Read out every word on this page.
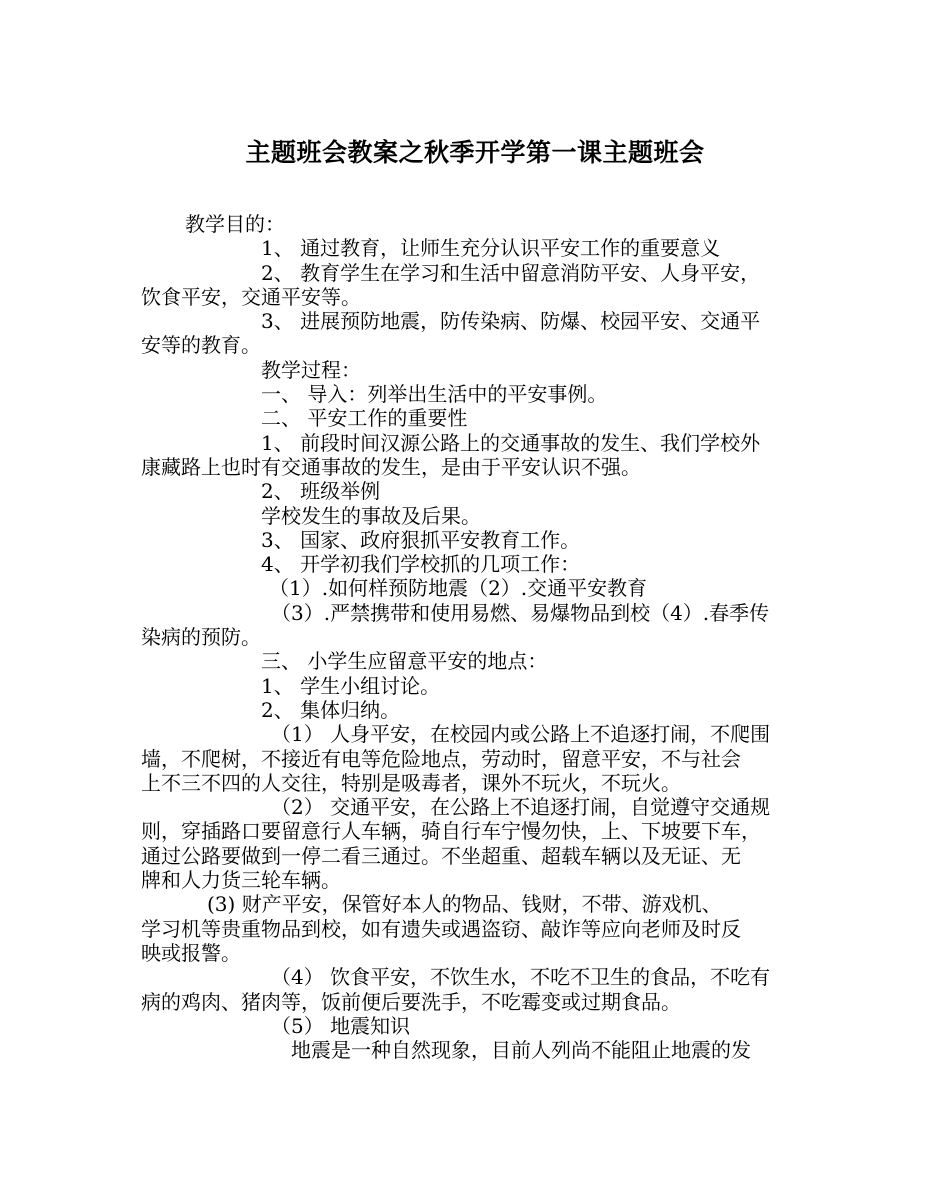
主题班会教案之秋季开学第一课主题班会

教学目的：

1、 通过教育，让师生充分认识平安工作的重要意义

2、 教育学生在学习和生活中留意消防平安、人身平安，

饮食平安，交通平安等。

3、 进展预防地震，防传染病、防爆、校园平安、交通平

安等的教育。

教学过程：

一、 导入：列举出生活中的平安事例。

二、 平安工作的重要性

1、 前段时间汉源公路上的交通事故的发生、我们学校外

康藏路上也时有交通事故的发生，是由于平安认识不强。

2、 班级举例

学校发生的事故及后果。

3、 国家、政府狠抓平安教育工作。

4、 开学初我们学校抓的几项工作：

（1）.如何样预防地震（2）.交通平安教育

（3）.严禁携带和使用易燃、易爆物品到校（4）.春季传

染病的预防。

三、 小学生应留意平安的地点：

1、 学生小组讨论。

2、 集体归纳。

（1） 人身平安，在校园内或公路上不追逐打闹，不爬围

墙，不爬树，不接近有电等危险地点，劳动时，留意平安，不与社会

上不三不四的人交往，特别是吸毒者，课外不玩火，不玩火。

（2） 交通平安，在公路上不追逐打闹，自觉遵守交通规

则，穿插路口要留意行人车辆，骑自行车宁慢勿快，上、下坡要下车，

通过公路要做到一停二看三通过。不坐超重、超载车辆以及无证、无

牌和人力货三轮车辆。

(3) 财产平安，保管好本人的物品、钱财，不带、游戏机、

学习机等贵重物品到校，如有遗失或遇盗窃、敲诈等应向老师及时反

映或报警。

（4） 饮食平安，不饮生水，不吃不卫生的食品，不吃有

病的鸡肉、猪肉等，饭前便后要洗手，不吃霉变或过期食品。

（5） 地震知识

地震是一种自然现象，目前人列尚不能阻止地震的发
